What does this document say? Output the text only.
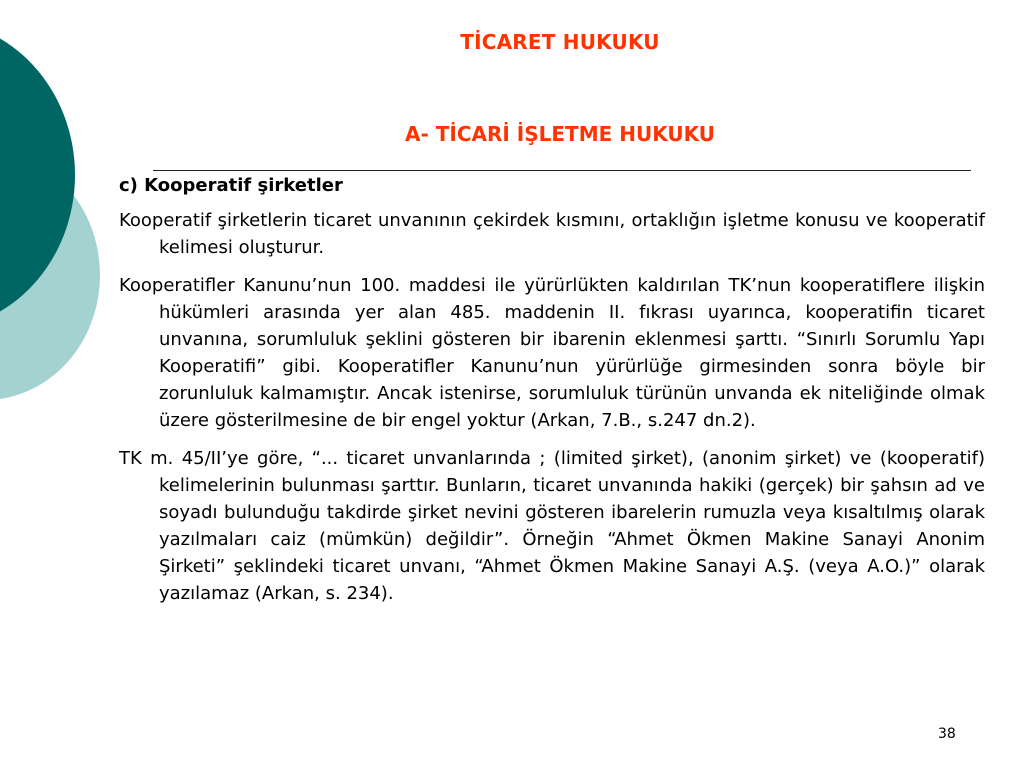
TİCARET HUKUKU
A- TİCARİ İŞLETME HUKUKU

c) Kooperatif şirketler

Kooperatif şirketlerin ticaret unvanının çekirdek kısmını, ortaklığın işletme konusu ve kooperatif kelimesi oluşturur.

Kooperatifler Kanunu’nun 100. maddesi ile yürürlükten kaldırılan TK’nun kooperatiflere ilişkin hükümleri arasında yer alan 485. maddenin II. fıkrası uyarınca, kooperatifin ticaret unvanına, sorumluluk şeklini gösteren bir ibarenin eklenmesi şarttı. “Sınırlı Sorumlu Yapı Kooperatifi” gibi. Kooperatifler Kanunu’nun yürürlüğe girmesinden sonra böyle bir zorunluluk kalmamıştır. Ancak istenirse, sorumluluk türünün unvanda ek niteliğinde olmak üzere gösterilmesine de bir engel yoktur (Arkan, 7.B., s.247 dn.2).

TK m. 45/II’ye göre, “... ticaret unvanlarında ; (limited şirket), (anonim şirket) ve (kooperatif) kelimelerinin bulunması şarttır. Bunların, ticaret unvanında hakiki (gerçek) bir şahsın ad ve soyadı bulunduğu takdirde şirket nevini gösteren ibarelerin rumuzla veya kısaltılmış olarak yazılmaları caiz (mümkün) değildir”. Örneğin “Ahmet Ökmen Makine Sanayi Anonim Şirketi” şeklindeki ticaret unvanı, “Ahmet Ökmen Makine Sanayi A.Ş. (veya A.O.)” olarak yazılamaz (Arkan, s. 234).

38
